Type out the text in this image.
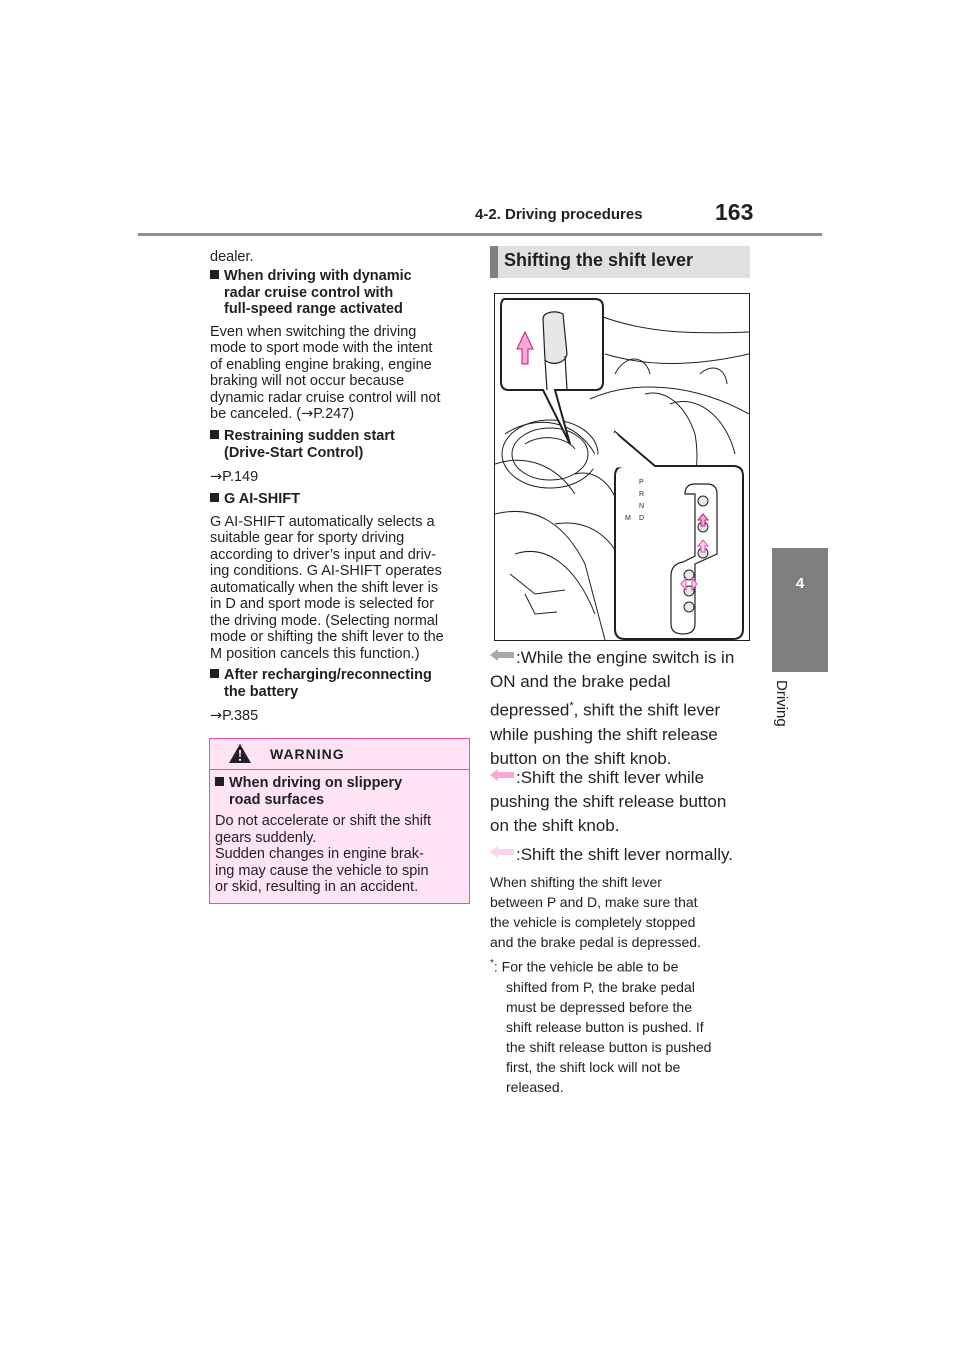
4-2. Driving procedures	163
4
Driving
dealer.
When driving with dynamic
radar cruise control with
full-speed range activated
Even when switching the driving
mode to sport mode with the intent
of enabling engine braking, engine
braking will not occur because
dynamic radar cruise control will not
be canceled. (→P.247)
Restraining sudden start
(Drive-Start Control)
→P.149
G AI-SHIFT
G AI-SHIFT automatically selects a
suitable gear for sporty driving
according to driver’s input and driv-
ing conditions. G AI-SHIFT operates
automatically when the shift lever is
in D and sport mode is selected for
the driving mode. (Selecting normal
mode or shifting the shift lever to the
M position cancels this function.)
After recharging/reconnecting
the battery
→P.385
WARNING
When driving on slippery
road surfaces
Do not accelerate or shift the shift
gears suddenly.
Sudden changes in engine brak-
ing may cause the vehicle to spin
or skid, resulting in an accident.
Shifting the shift lever
P
R
N
D
M
:While the engine switch is in
ON and the brake pedal
depressed*, shift the shift lever
while pushing the shift release
button on the shift knob.
:Shift the shift lever while
pushing the shift release button
on the shift knob.
:Shift the shift lever normally.
When shifting the shift lever
between P and D, make sure that
the vehicle is completely stopped
and the brake pedal is depressed.
*: For the vehicle be able to be
shifted from P, the brake pedal
must be depressed before the
shift release button is pushed. If
the shift release button is pushed
first, the shift lock will not be
released.
